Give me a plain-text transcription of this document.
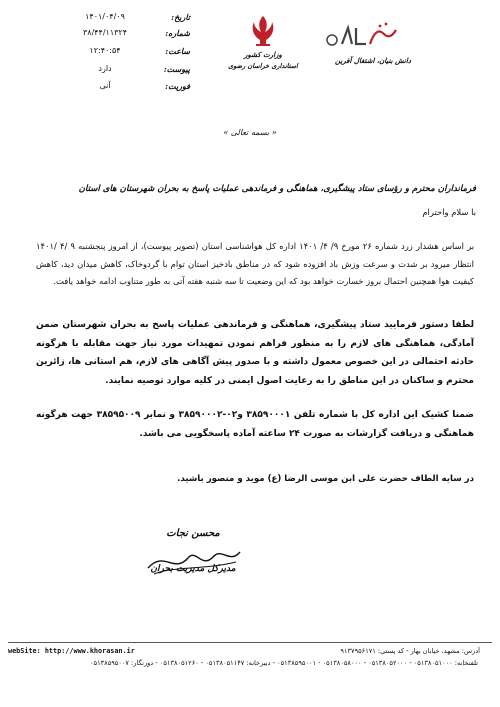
تاریخ:
۱۴۰۱/۰۴/۰۹
شماره:
۳۸/۴۴/۱۱۳۲۴
ساعت:
۱۲:۴۰:۵۴
پیوست:
دارد
فوریت:
آنی
وزارت کشور
استانداری خراسان رضوی
دانش بنیان، اشتغال آفرین
« بسمه تعالی »
فرمانداران محترم و رؤسای ستاد پیشگیری، هماهنگی و فرماندهی عملیات پاسخ به بحران شهرستان های استان
با سلام واحترام
بر اساس هشدار زرد شماره ۲۶ مورخ ۹/ ۴/ ۱۴۰۱ اداره کل هواشناسی استان (تصویر پیوست)، از امروز پنجشنبه ۹ /۴ /۱۴۰۱ انتظار میرود بر شدت و سرعت وزش باد افزوده شود که در مناطق بادخیز استان توام با گردوخاک، کاهش میدان دید، کاهش کیفیت هوا همچنین احتمال بروز خسارت خواهد بود که این وضعیت تا سه شنبه هفته آتی به طور متناوب ادامه خواهد یافت.
لطفا دستور فرمایید ستاد پیشگیری، هماهنگی و فرماندهی عملیات پاسخ به بحران شهرستان ضمن آمادگی، هماهنگی های لازم را به منظور فراهم نمودن تمهیدات مورد نیاز جهت مقابله با هرگونه حادثه احتمالی در این خصوص معمول داشته و با صدور پیش آگاهی های لازم، هم استانی ها، زائرین محترم و ساکنان در این مناطق را به رعایت اصول ایمنی در کلیه موارد توصیه نمایند.
ضمنا کشیک این اداره کل با شماره تلفن ۳۸۵۹۰۰۰۱ و۰۲-۳۸۵۹۰۰۰۲ و نمابر ۳۸۵۹۵۰۰۹ جهت هرگونه هماهنگی و دریافت گزارشات به صورت ۲۴ ساعته آماده پاسخگویی می باشد.
در سایه الطاف حضرت علی ابن موسی الرضا (ع) موید و منصور باشید.
محسن نجات
مدیرکل مدیریت بحران
webSite: http://www.khorasan.ir	آدرس: مشهد، خیابان بهار - کد پستی: ۹۱۳۷۹۵۶۱۷۱
تلفنخانه: ۰۵۱۳۸۰۵۱۰۰۰ - ۰۵۱۳۸۰۵۲۰۰۰ - ۰۵۱۳۸۰۵۸۰۰۰ - ۰۵۱۳۸۵۹۵۰۰۱ - دبیرخانه: ۰۵۱۳۸۰۵۱۱۴۷ - ۰۵۱۳۸۰۵۱۲۶۰ - دورنگار: ۰۵۱۳۸۵۹۵۰۰۷
